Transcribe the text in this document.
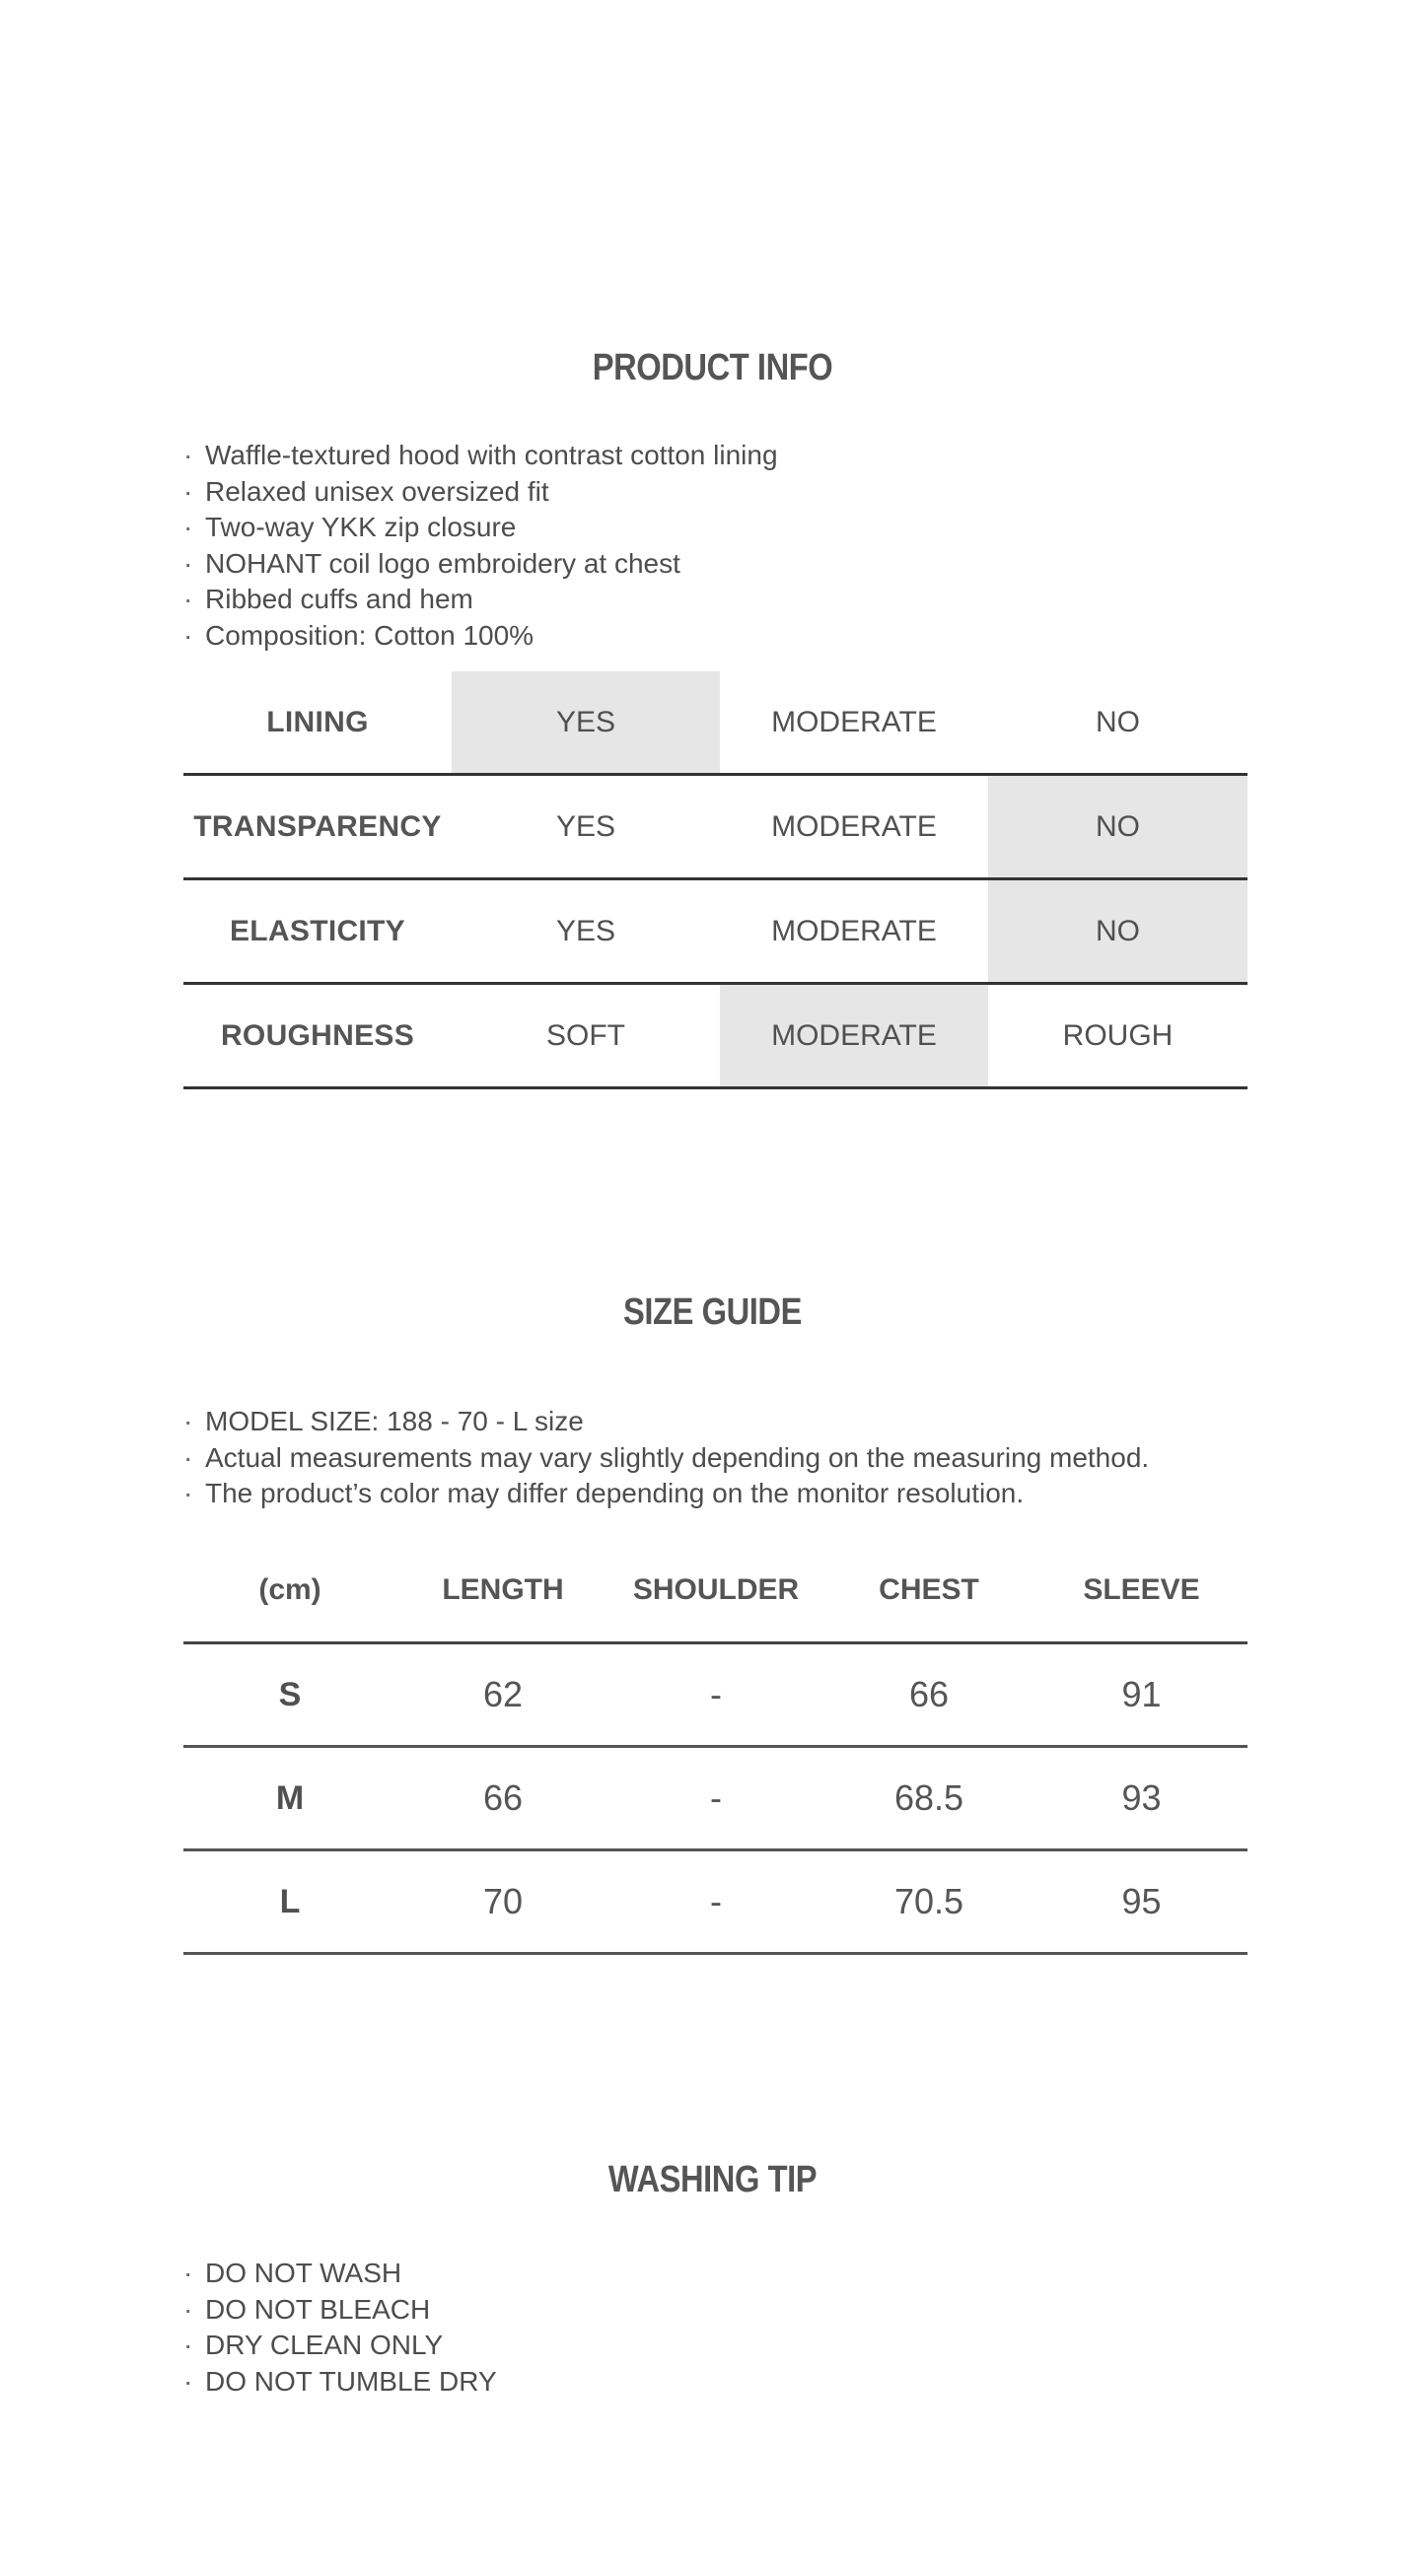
PRODUCT INFO
· Waffle-textured hood with contrast cotton lining
· Relaxed unisex oversized fit
· Two-way YKK zip closure
· NOHANT coil logo embroidery at chest
· Ribbed cuffs and hem
· Composition: Cotton 100%
LINING	YES	MODERATE	NO
TRANSPARENCY	YES	MODERATE	NO
ELASTICITY	YES	MODERATE	NO
ROUGHNESS	SOFT	MODERATE	ROUGH
SIZE GUIDE
· MODEL SIZE: 188 - 70 - L size
· Actual measurements may vary slightly depending on the measuring method.
· The product’s color may differ depending on the monitor resolution.
(cm)	LENGTH	SHOULDER	CHEST	SLEEVE
S	62	-	66	91
M	66	-	68.5	93
L	70	-	70.5	95
WASHING TIP
· DO NOT WASH
· DO NOT BLEACH
· DRY CLEAN ONLY
· DO NOT TUMBLE DRY
